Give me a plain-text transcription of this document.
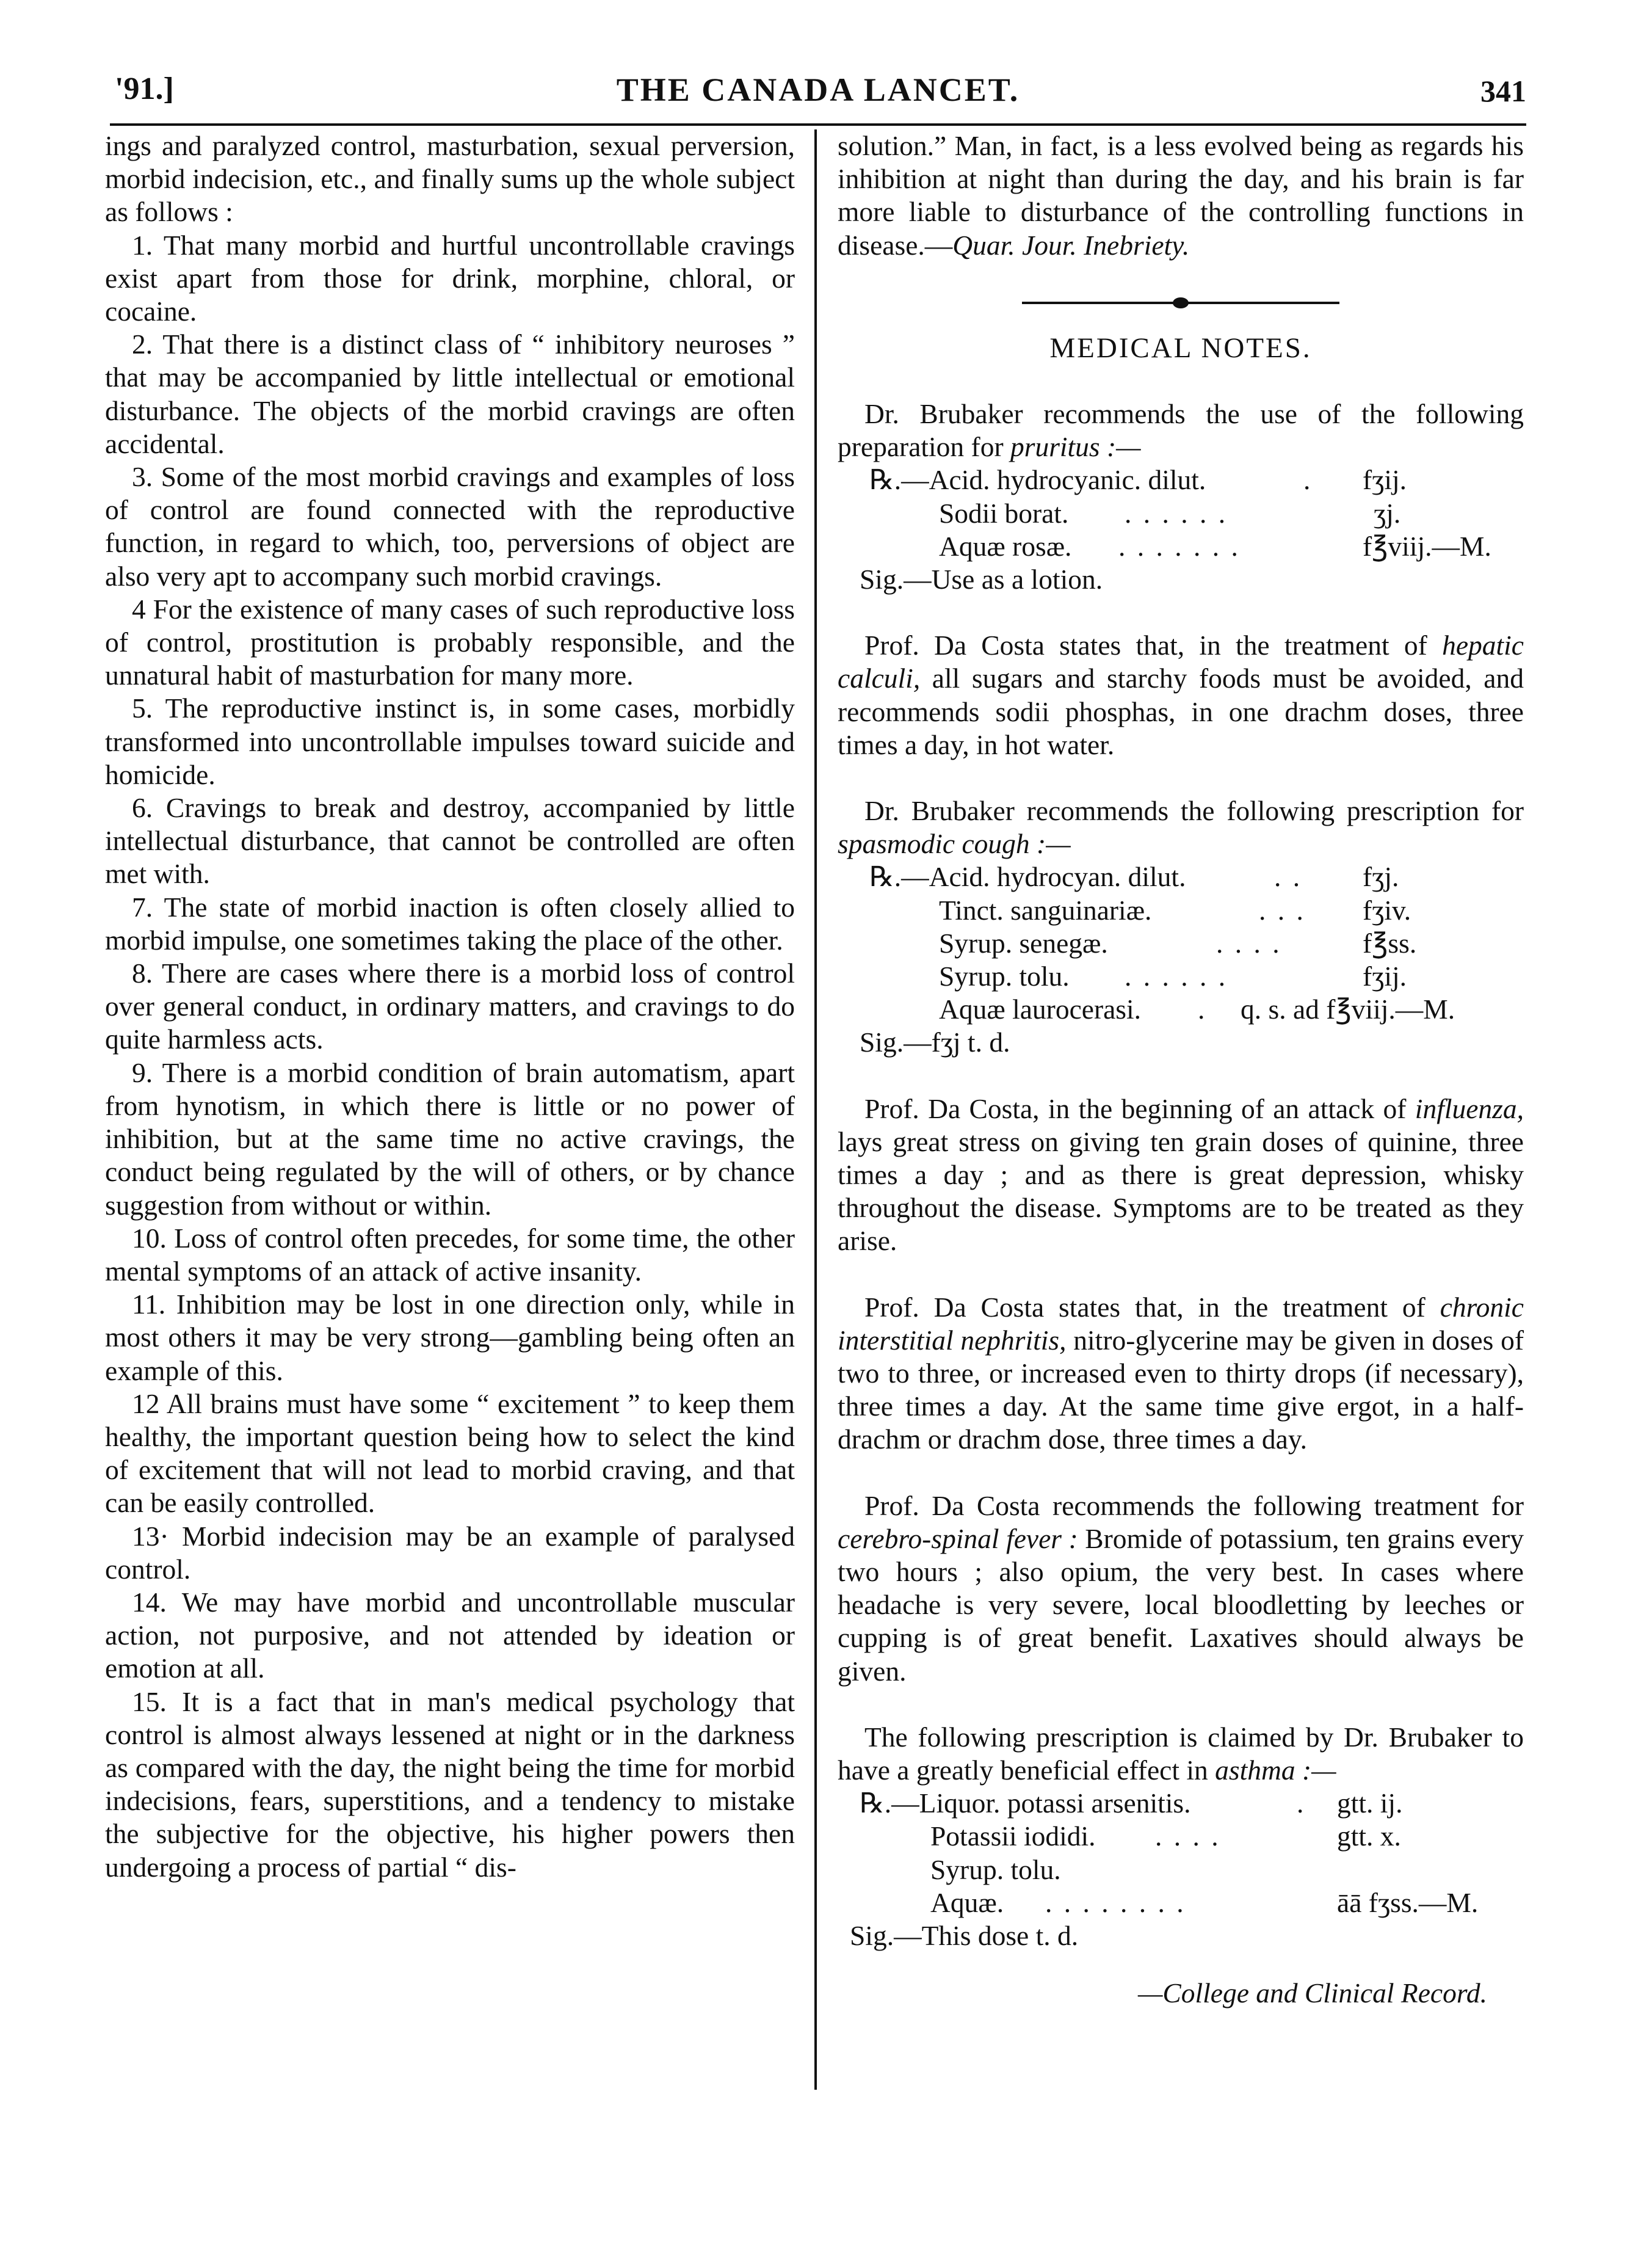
'91.]	THE CANADA LANCET.	341

ings and paralyzed control, masturbation, sexual perversion, morbid indecision, etc., and finally sums up the whole subject as follows :

1. That many morbid and hurtful uncontrollable cravings exist apart from those for drink, morphine, chloral, or cocaine.

2. That there is a distinct class of “ inhibitory neuroses ” that may be accompanied by little intellectual or emotional disturbance. The objects of the morbid cravings are often accidental.

3. Some of the most morbid cravings and examples of loss of control are found connected with the reproductive function, in regard to which, too, perversions of object are also very apt to accompany such morbid cravings.

4 For the existence of many cases of such reproductive loss of control, prostitution is probably responsible, and the unnatural habit of masturbation for many more.

5. The reproductive instinct is, in some cases, morbidly transformed into uncontrollable impulses toward suicide and homicide.

6. Cravings to break and destroy, accompanied by little intellectual disturbance, that cannot be controlled are often met with.

7. The state of morbid inaction is often closely allied to morbid impulse, one sometimes taking the place of the other.

8. There are cases where there is a morbid loss of control over general conduct, in ordinary matters, and cravings to do quite harmless acts.

9. There is a morbid condition of brain automatism, apart from hynotism, in which there is little or no power of inhibition, but at the same time no active cravings, the conduct being regulated by the will of others, or by chance suggestion from without or within.

10. Loss of control often precedes, for some time, the other mental symptoms of an attack of active insanity.

11. Inhibition may be lost in one direction only, while in most others it may be very strong—gambling being often an example of this.

12 All brains must have some “ excitement ” to keep them healthy, the important question being how to select the kind of excitement that will not lead to morbid craving, and that can be easily controlled.

13· Morbid indecision may be an example of paralysed control.

14. We may have morbid and uncontrollable muscular action, not purposive, and not attended by ideation or emotion at all.

15. It is a fact that in man's medical psychology that control is almost always lessened at night or in the darkness as compared with the day, the night being the time for morbid indecisions, fears, superstitions, and a tendency to mistake the subjective for the objective, his higher powers then undergoing a process of partial “ dis-

solution.” Man, in fact, is a less evolved being as regards his inhibition at night than during the day, and his brain is far more liable to disturbance of the controlling functions in disease.—Quar. Jour. Inebriety.

MEDICAL NOTES.

Dr. Brubaker recommends the use of the following preparation for pruritus :—

℞.—Acid. hydrocyanic. dilut.	. fʒij.
Sodii borat. . . . . . .	ʒj.
Aquæ rosæ. . . . . . . .	f℥viij.—M.

Sig.—Use as a lotion.

Prof. Da Costa states that, in the treatment of hepatic calculi, all sugars and starchy foods must be avoided, and recommends sodii phosphas, in one drachm doses, three times a day, in hot water.

Dr. Brubaker recommends the following prescription for spasmodic cough :—

℞.—Acid. hydrocyan. dilut.	. . fʒj.
Tinct. sanguinariæ.	. . . fʒiv.
Syrup. senegæ.	. . . .	f℥ss.
Syrup. tolu. . . . . . .	fʒij.
Aquæ laurocerasi. . q. s. ad f℥viij.—M.

Sig.—fʒj t. d.

Prof. Da Costa, in the beginning of an attack of influenza, lays great stress on giving ten grain doses of quinine, three times a day ; and as there is great depression, whisky throughout the disease. Symptoms are to be treated as they arise.

Prof. Da Costa states that, in the treatment of chronic interstitial nephritis, nitro-glycerine may be given in doses of two to three, or increased even to thirty drops (if necessary), three times a day. At the same time give ergot, in a half-drachm or drachm dose, three times a day.

Prof. Da Costa recommends the following treatment for cerebro-spinal fever : Bromide of potassium, ten grains every two hours ; also opium, the very best. In cases where headache is very severe, local bloodletting by leeches or cupping is of great benefit. Laxatives should always be given.

The following prescription is claimed by Dr. Brubaker to have a greatly beneficial effect in asthma :—

℞.—Liquor. potassi arsenitis.	. gtt. ij.
Potassii iodidi. . . . .	gtt. x.
Syrup. tolu.
Aquæ. . . . . . . . .	āā fʒss.—M.

Sig.—This dose t. d.

—College and Clinical Record.
